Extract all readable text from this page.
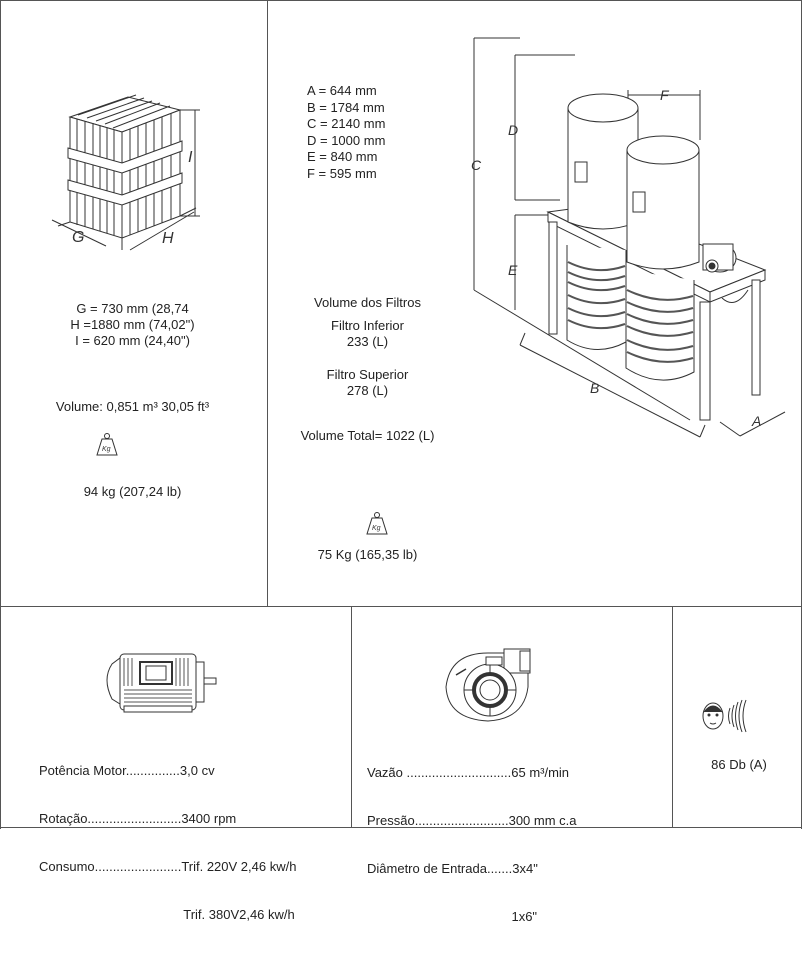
I
G	H
G = 730 mm (28,74
H =1880 mm (74,02")
I = 620 mm (24,40")
Volume: 0,851 m³ 30,05 ft³
Kg
94 kg (207,24 lb)
A = 644 mm
B = 1784 mm
C = 2140 mm
D = 1000 mm
E = 840 mm
F = 595 mm
Volume dos Filtros
Filtro Inferior
233 (L)
Filtro Superior
278 (L)
Volume Total= 1022 (L)
Kg
75 Kg (165,35 lb)
C
D
E
F
B
A

Potência Motor...............3,0 cv

Rotação..........................3400 rpm

Consumo........................Trif. 220V 2,46 kw/h

Trif. 380V2,46 kw/h

Vazão .............................65 m³/min

Pressão..........................300 mm c.a

Diâmetro de Entrada.......3x4"

1x6"

86 Db (A)
